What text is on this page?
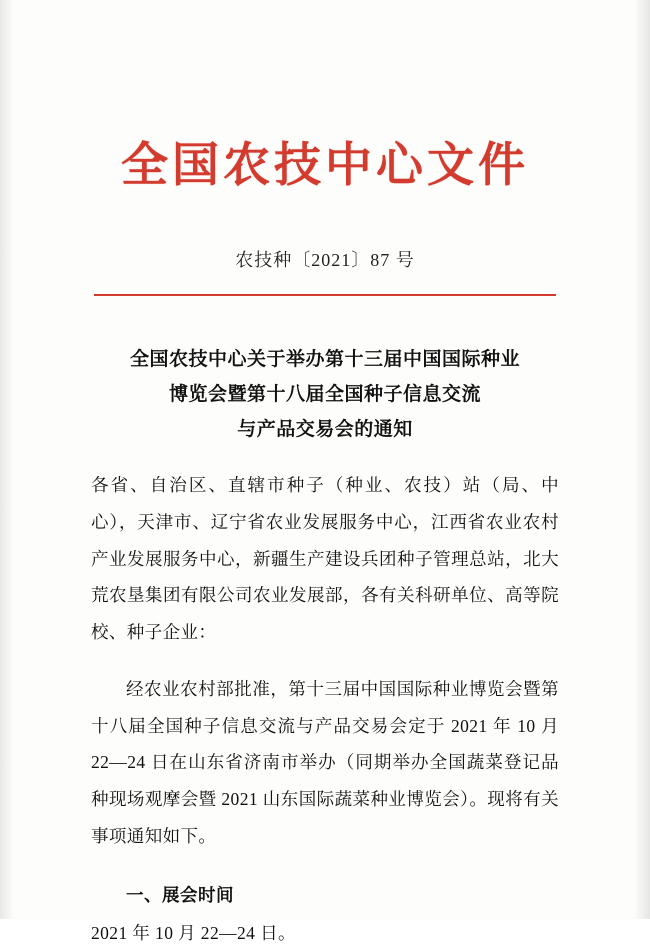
全国农技中心文件
农技种〔2021〕87 号
全国农技中心关于举办第十三届中国国际种业
博览会暨第十八届全国种子信息交流
与产品交易会的通知
各省、自治区、直辖市种子（种业、农技）站（局、中心），天津市、辽宁省农业发展服务中心，江西省农业农村产业发展服务中心，新疆生产建设兵团种子管理总站，北大荒农垦集团有限公司农业发展部，各有关科研单位、高等院校、种子企业：
经农业农村部批准，第十三届中国国际种业博览会暨第十八届全国种子信息交流与产品交易会定于 2021 年 10 月 22—24 日在山东省济南市举办（同期举办全国蔬菜登记品种现场观摩会暨 2021 山东国际蔬菜种业博览会）。现将有关事项通知如下。
一、展会时间
2021 年 10 月 22—24 日。
